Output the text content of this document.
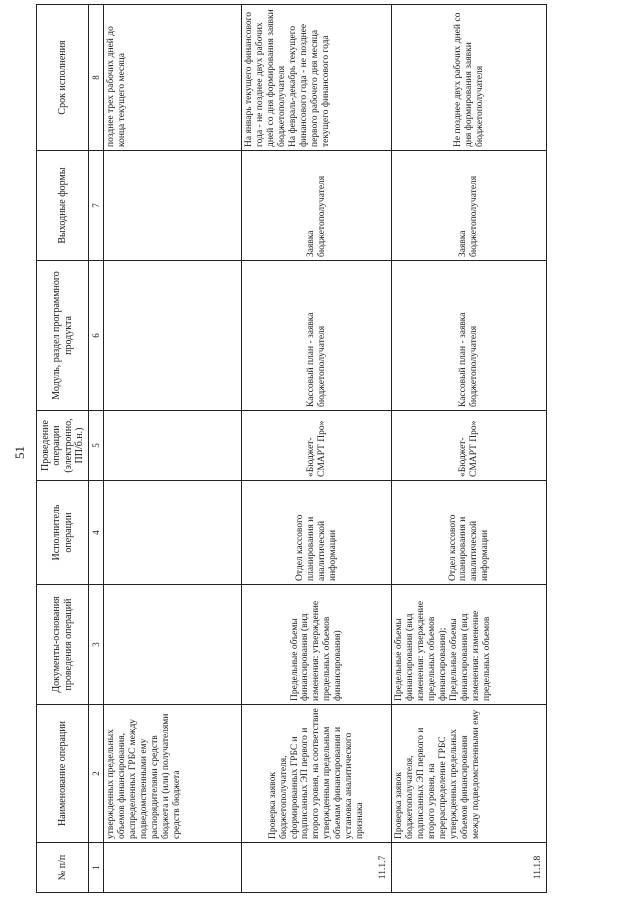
51
№ п/п	Наименование операции	Документы-основания проведения операций	Исполнитель операции	Проведение операции (электронно, ПП/б.н.)	Модуль, раздел программного продукта	Выходные формы	Срок исполнения
1	2	3	4	5	6	7	8
	утвержденных предельных объемов финансирования, распределенных ГРБС между подведомственными ему распорядителями средств бюджета и (или) получателями средств бюджета						позднее трех рабочих дней до конца текущего месяца
11.1.7	Проверка заявок бюджетополучателя, сформированных ГРБС и подписанных ЭП первого и второго уровня, на соответствие утвержденным предельным объемам финансирования и установка аналитического признака	Предельные объемы финансирования (вид изменения: утверждение предельных объемов финансирования)	Отдел кассового планирования и аналитической информации	«Бюджет-СМАРТ Про»	Кассовый план - заявка бюджетополучателя	Заявка бюджетополучателя	На январь текущего финансового года - не позднее двух рабочих дней со дня формирования заявки бюджетополучателя
На февраль-декабрь текущего финансового года - не позднее первого рабочего дня месяца текущего финансового года
11.1.8	Проверка заявок бюджетополучателя, подписанных ЭП первого и второго уровня, на перераспределение ГРБС утвержденных предельных объемов финансирования между подведомственными ему	Предельные объемы финансирования (вид изменения: утверждение предельных объемов финансирования);
Предельные объемы финансирования (вид изменения: изменение предельных объемов	Отдел кассового планирования и аналитической информации	«Бюджет-СМАРТ Про»	Кассовый план - заявка бюджетополучателя	Заявка бюджетополучателя	Не позднее двух рабочих дней со дня формирования заявки бюджетополучателя
